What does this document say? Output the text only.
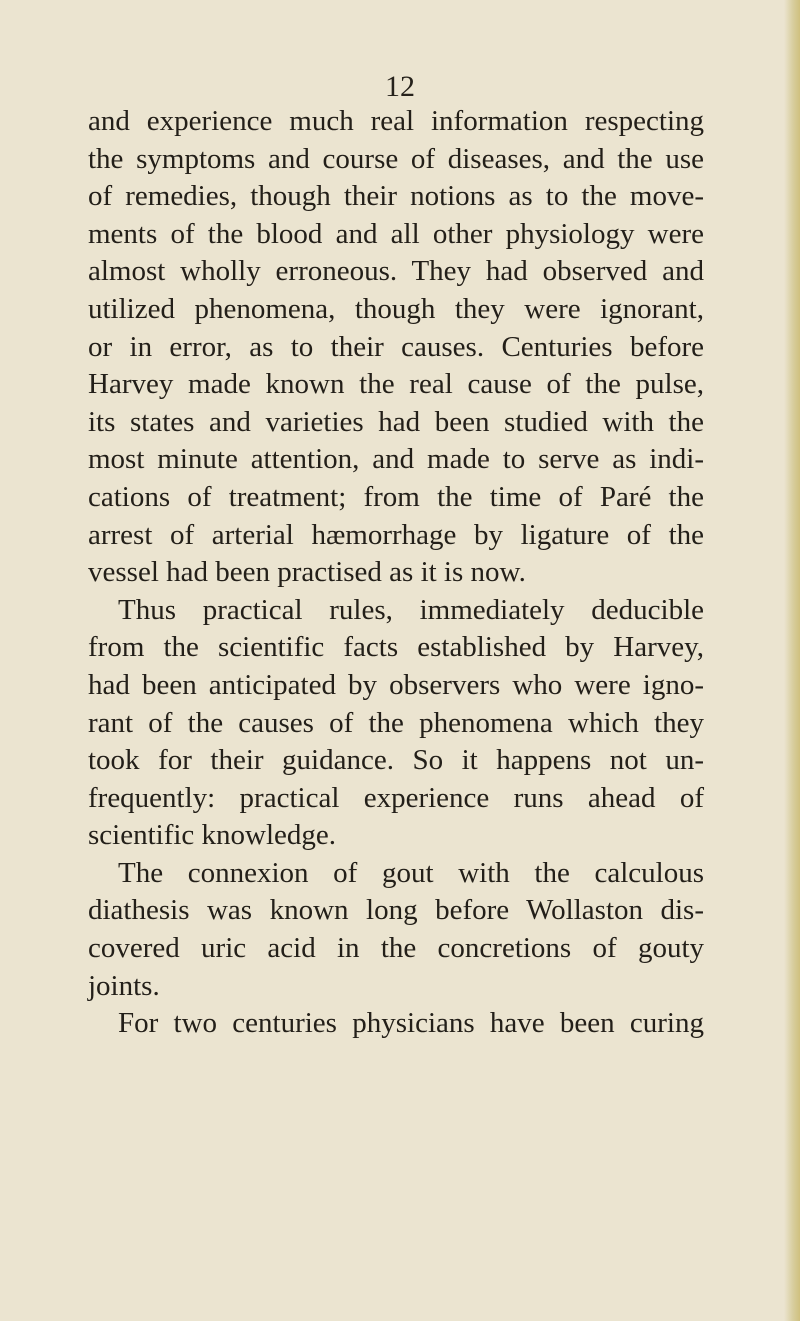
12
and experience much real information respecting
the symptoms and course of diseases, and the use
of remedies, though their notions as to the move-
ments of the blood and all other physiology were
almost wholly erroneous. They had observed and
utilized phenomena, though they were ignorant,
or in error, as to their causes. Centuries before
Harvey made known the real cause of the pulse,
its states and varieties had been studied with the
most minute attention, and made to serve as indi-
cations of treatment; from the time of Paré the
arrest of arterial hæmorrhage by ligature of the
vessel had been practised as it is now.
Thus practical rules, immediately deducible
from the scientific facts established by Harvey,
had been anticipated by observers who were igno-
rant of the causes of the phenomena which they
took for their guidance. So it happens not un-
frequently: practical experience runs ahead of
scientific knowledge.
The connexion of gout with the calculous
diathesis was known long before Wollaston dis-
covered uric acid in the concretions of gouty
joints.
For two centuries physicians have been curing
